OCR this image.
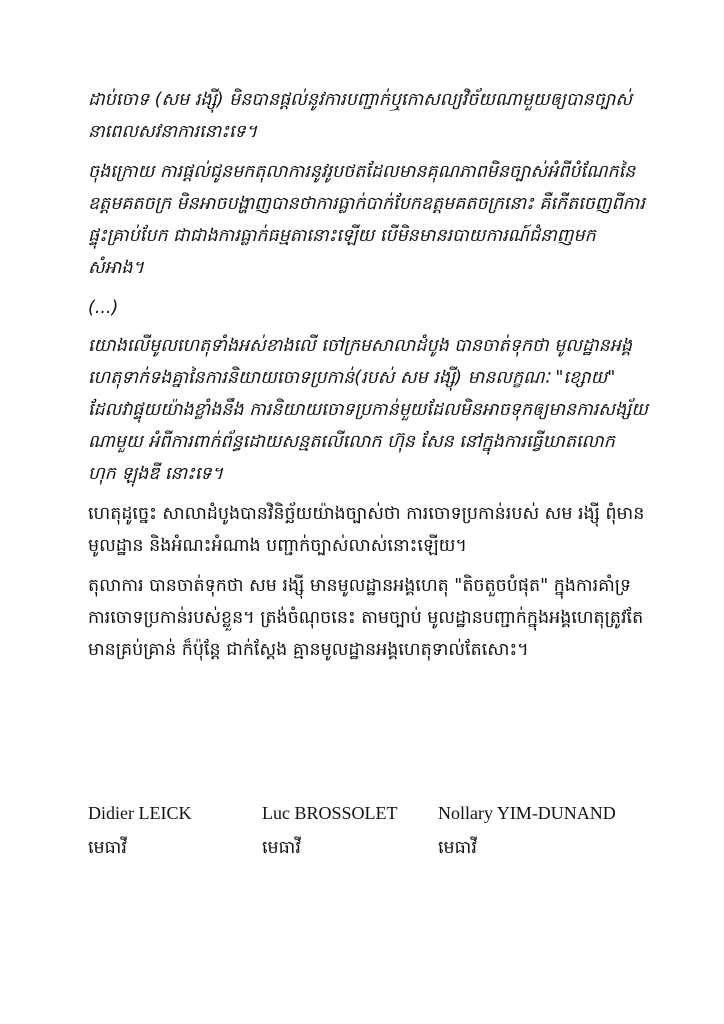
ដាប់ចោទ (សម រង្ស៊ី) មិនបានផ្ដល់នូវការបញ្ជាក់ឬកោសល្យវិច័យណាមួយឲ្យបានច្បាស់ នាពេលសវនាការនោះទេ។

ចុងក្រោយ ការផ្ដល់ជូនមកតុលាការនូវរូបថតដែលមានគុណភាពមិនច្បាស់អំពីបំណែកនៃឧត្តមគតចក្រ មិនអាចបង្ហាញបានថាការធ្លាក់បាក់បែកឧត្តមគតចក្រនោះ គឺកើតចេញពីការផ្ទុះគ្រាប់បែក ជាជាងការធ្លាក់ធម្មតានោះឡើយ បើមិនមានរបាយការណ៍ជំនាញមកសំអាង។

(...)

យោងលើមូលហេតុទាំងអស់ខាងលើ ចៅក្រមសាលាដំបូង បានចាត់ទុកថា មូលដ្ឋានអង្គហេតុទាក់ទងគ្នានៃការនិយាយចោទប្រកាន់(របស់ សម រង្ស៊ី) មានលក្ខណៈ "ខ្សោយ" ដែលវាផ្ទុយយ៉ាងខ្លាំងនឹង ការនិយាយចោទប្រកាន់មួយដែលមិនអាចទុកឲ្យមានការសង្ស័យណាមួយ អំពីការពាក់ព័ន្ធដោយសន្មតលើលោក ហ៊ុន សែន នៅក្នុងការធ្វើឃាតលោក ហុក ឡុងឌី នោះទេ។

ហេតុដូច្នេះ សាលាដំបូងបានវិនិច្ឆ័យយ៉ាងច្បាស់ថា ការចោទប្រកាន់របស់ សម រង្ស៊ី ពុំមានមូលដ្ឋាន និងអំណះអំណាង បញ្ជាក់ច្បាស់លាស់នោះឡើយ។

តុលាការ បានចាត់ទុកថា សម រង្ស៊ី មានមូលដ្ឋានអង្គហេតុ "តិចតួចបំផុត" ក្នុងការគាំទ្រការចោទប្រកាន់របស់ខ្លួន។ ត្រង់ចំណុចនេះ តាមច្បាប់ មូលដ្ឋានបញ្ជាក់ក្នុងអង្គហេតុត្រូវតែមានគ្រប់គ្រាន់ ក៏ប៉ុន្តែ ជាក់ស្ដែង គ្មានមូលដ្ឋានអង្គហេតុទាល់តែសោះ។

Didier LEICK
មេធាវី
Luc BROSSOLET
មេធាវី
Nollary YIM-DUNAND
មេធាវី
